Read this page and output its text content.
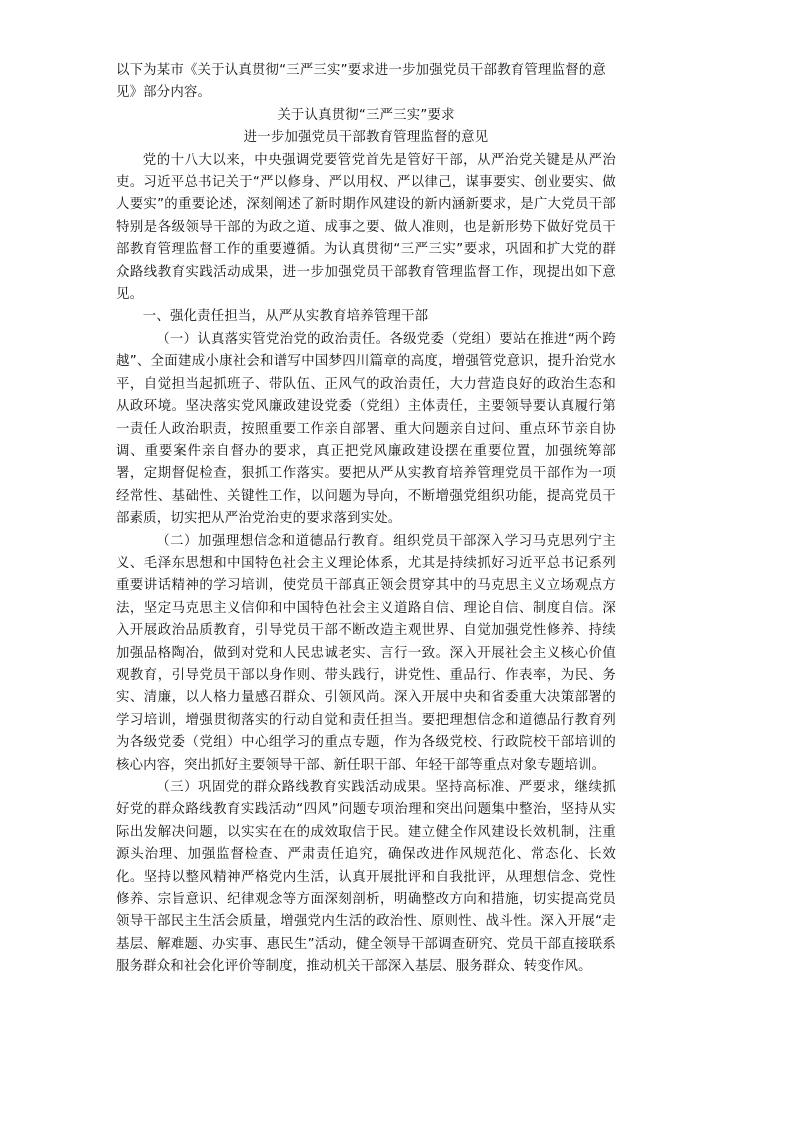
以下为某市《关于认真贯彻“三严三实”要求进一步加强党员干部教育管理监督的意见》部分内容。

关于认真贯彻“三严三实”要求

进一步加强党员干部教育管理监督的意见

党的十八大以来，中央强调党要管党首先是管好干部，从严治党关键是从严治吏。习近平总书记关于“严以修身、严以用权、严以律己，谋事要实、创业要实、做人要实”的重要论述，深刻阐述了新时期作风建设的新内涵新要求，是广大党员干部特别是各级领导干部的为政之道、成事之要、做人准则，也是新形势下做好党员干部教育管理监督工作的重要遵循。为认真贯彻“三严三实”要求，巩固和扩大党的群众路线教育实践活动成果，进一步加强党员干部教育管理监督工作，现提出如下意见。

一、强化责任担当，从严从实教育培养管理干部

（一）认真落实管党治党的政治责任。各级党委（党组）要站在推进“两个跨越”、全面建成小康社会和谱写中国梦四川篇章的高度，增强管党意识，提升治党水平，自觉担当起抓班子、带队伍、正风气的政治责任，大力营造良好的政治生态和从政环境。坚决落实党风廉政建设党委（党组）主体责任，主要领导要认真履行第一责任人政治职责，按照重要工作亲自部署、重大问题亲自过问、重点环节亲自协调、重要案件亲自督办的要求，真正把党风廉政建设摆在重要位置，加强统筹部署，定期督促检查，狠抓工作落实。要把从严从实教育培养管理党员干部作为一项经常性、基础性、关键性工作，以问题为导向，不断增强党组织功能，提高党员干部素质，切实把从严治党治吏的要求落到实处。

（二）加强理想信念和道德品行教育。组织党员干部深入学习马克思列宁主义、毛泽东思想和中国特色社会主义理论体系，尤其是持续抓好习近平总书记系列重要讲话精神的学习培训，使党员干部真正领会贯穿其中的马克思主义立场观点方法，坚定马克思主义信仰和中国特色社会主义道路自信、理论自信、制度自信。深入开展政治品质教育，引导党员干部不断改造主观世界、自觉加强党性修养、持续加强品格陶冶，做到对党和人民忠诚老实、言行一致。深入开展社会主义核心价值观教育，引导党员干部以身作则、带头践行，讲党性、重品行、作表率，为民、务实、清廉，以人格力量感召群众、引领风尚。深入开展中央和省委重大决策部署的学习培训，增强贯彻落实的行动自觉和责任担当。要把理想信念和道德品行教育列为各级党委（党组）中心组学习的重点专题，作为各级党校、行政院校干部培训的核心内容，突出抓好主要领导干部、新任职干部、年轻干部等重点对象专题培训。

（三）巩固党的群众路线教育实践活动成果。坚持高标准、严要求，继续抓好党的群众路线教育实践活动“四风”问题专项治理和突出问题集中整治，坚持从实际出发解决问题，以实实在在的成效取信于民。建立健全作风建设长效机制，注重源头治理、加强监督检查、严肃责任追究，确保改进作风规范化、常态化、长效化。坚持以整风精神严格党内生活，认真开展批评和自我批评，从理想信念、党性修养、宗旨意识、纪律观念等方面深刻剖析，明确整改方向和措施，切实提高党员领导干部民主生活会质量，增强党内生活的政治性、原则性、战斗性。深入开展“走基层、解难题、办实事、惠民生”活动，健全领导干部调查研究、党员干部直接联系服务群众和社会化评价等制度，推动机关干部深入基层、服务群众、转变作风。
